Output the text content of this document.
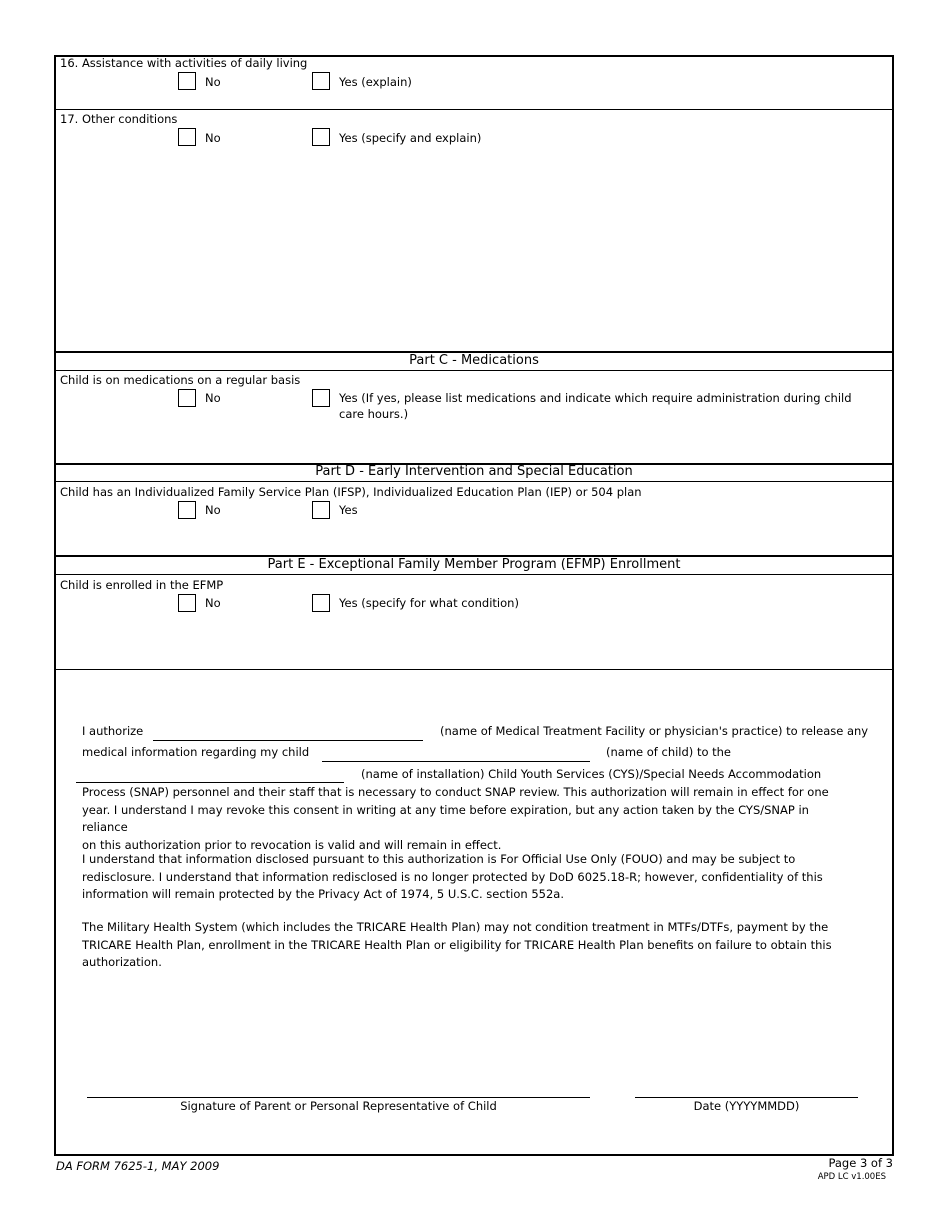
16. Assistance with activities of daily living
No	Yes (explain)
17. Other conditions
No	Yes (specify and explain)
Part C - Medications
Child is on medications on a regular basis
No	Yes (If yes, please list medications and indicate which require administration during child
care hours.)
Part D - Early Intervention and Special Education
Child has an Individualized Family Service Plan (IFSP), Individualized Education Plan (IEP) or 504 plan
No	Yes
Part E - Exceptional Family Member Program (EFMP) Enrollment
Child is enrolled in the EFMP
No	Yes (specify for what condition)
I authorize	(name of Medical Treatment Facility or physician's practice) to release any
medical information regarding my child	(name of child) to the
(name of installation) Child Youth Services (CYS)/Special Needs Accommodation
Process (SNAP) personnel and their staff that is necessary to conduct SNAP review. This authorization will remain in effect for one
year. I understand I may revoke this consent in writing at any time before expiration, but any action taken by the CYS/SNAP in reliance
on this authorization prior to revocation is valid and will remain in effect.
I understand that information disclosed pursuant to this authorization is For Official Use Only (FOUO) and may be subject to
redisclosure. I understand that information redisclosed is no longer protected by DoD 6025.18-R; however, confidentiality of this
information will remain protected by the Privacy Act of 1974, 5 U.S.C. section 552a.
The Military Health System (which includes the TRICARE Health Plan) may not condition treatment in MTFs/DTFs, payment by the
TRICARE Health Plan, enrollment in the TRICARE Health Plan or eligibility for TRICARE Health Plan benefits on failure to obtain this
authorization.
Signature of Parent or Personal Representative of Child	Date (YYYYMMDD)
DA FORM 7625-1, MAY 2009	Page 3 of 3
APD LC v1.00ES
